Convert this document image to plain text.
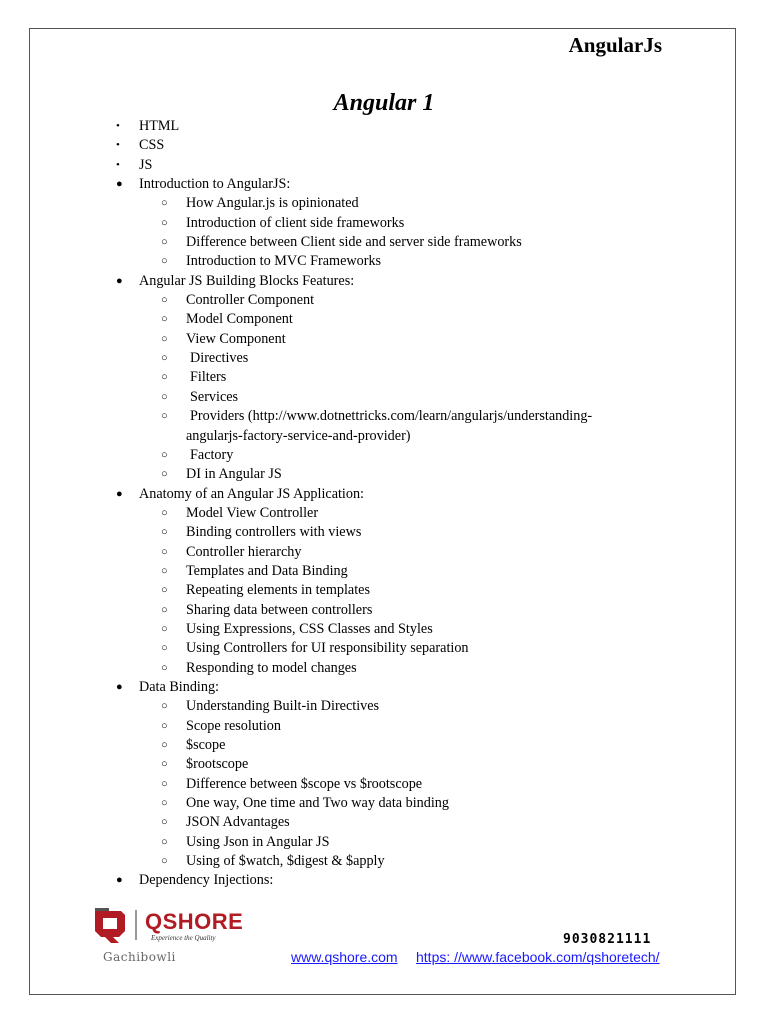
AngularJs
Angular 1
• HTML
• CSS
• JS
● Introduction to AngularJS:
○ How Angular.js is opinionated
○ Introduction of client side frameworks
○ Difference between Client side and server side frameworks
○ Introduction to MVC Frameworks
● Angular JS Building Blocks Features:
○ Controller Component
○ Model Component
○ View Component
○ Directives
○ Filters
○ Services
○ Providers (http://www.dotnettricks.com/learn/angularjs/understanding-
angularjs-factory-service-and-provider)
○ Factory
○ DI in Angular JS
● Anatomy of an Angular JS Application:
○ Model View Controller
○ Binding controllers with views
○ Controller hierarchy
○ Templates and Data Binding
○ Repeating elements in templates
○ Sharing data between controllers
○ Using Expressions, CSS Classes and Styles
○ Using Controllers for UI responsibility separation
○ Responding to model changes
● Data Binding:
○ Understanding Built-in Directives
○ Scope resolution
○ $scope
○ $rootscope
○ Difference between $scope vs $rootscope
○ One way, One time and Two way data binding
○ JSON Advantages
○ Using Json in Angular JS
○ Using of $watch, $digest & $apply
● Dependency Injections:
QSHORE
Experience the Quality
Gachibowli
9030821111
www.qshore.com https: //www.facebook.com/qshoretech/
